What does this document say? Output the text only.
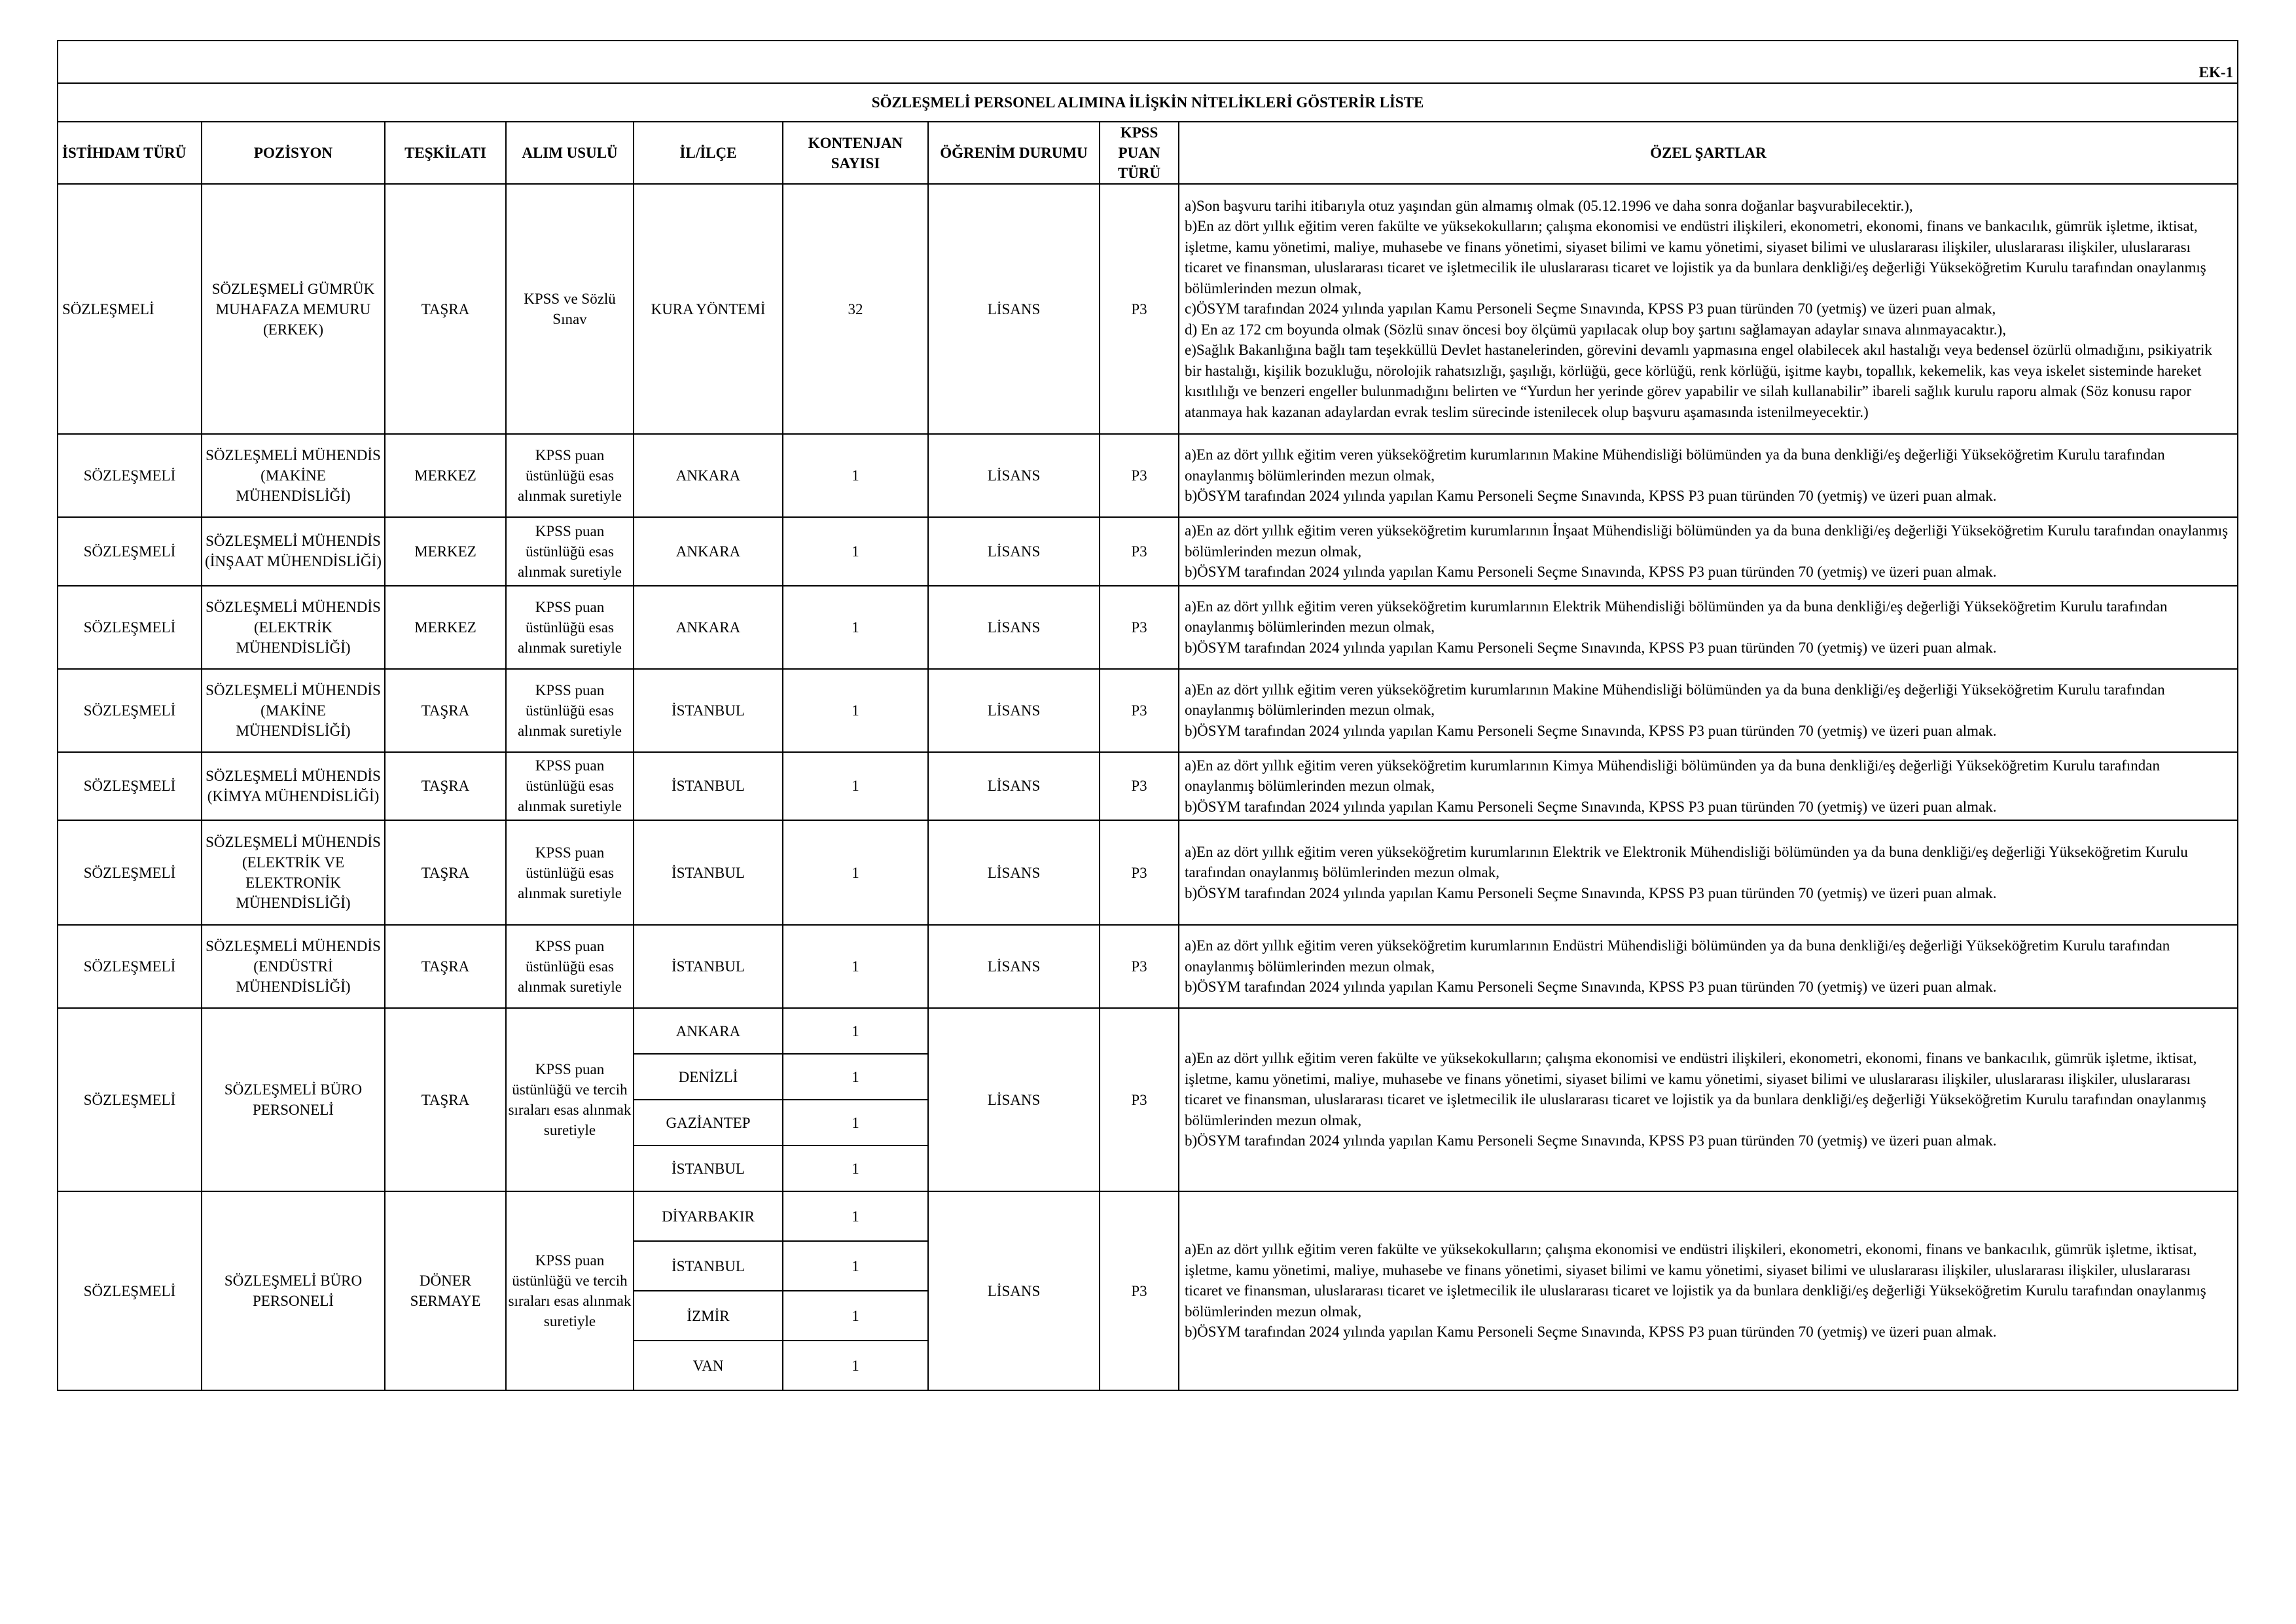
EK-1								
SÖZLEŞMELİ PERSONEL ALIMINA İLİŞKİN NİTELİKLERİ GÖSTERİR LİSTE								
İSTİHDAM TÜRÜ	POZİSYON	TEŞKİLATI	ALIM USULÜ	İL/İLÇE	KONTENJAN SAYISI	ÖĞRENİM DURUMU	KPSS PUAN TÜRÜ	ÖZEL ŞARTLAR
SÖZLEŞMELİ	SÖZLEŞMELİ GÜMRÜK MUHAFAZA MEMURU (ERKEK)	TAŞRA	KPSS ve Sözlü Sınav	KURA YÖNTEMİ	32	LİSANS	P3	a)Son başvuru tarihi itibarıyla otuz yaşından gün almamış olmak (05.12.1996 ve daha sonra doğanlar başvurabilecektir.),
b)En az dört yıllık eğitim veren fakülte ve yüksekokulların; çalışma ekonomisi ve endüstri ilişkileri, ekonometri, ekonomi, finans ve bankacılık, gümrük işletme, iktisat, işletme, kamu yönetimi, maliye, muhasebe ve finans yönetimi, siyaset bilimi ve kamu yönetimi, siyaset bilimi ve uluslararası ilişkiler, uluslararası ilişkiler, uluslararası ticaret ve finansman, uluslararası ticaret ve işletmecilik ile uluslararası ticaret ve lojistik ya da bunlara denkliği/eş değerliği Yükseköğretim Kurulu tarafından onaylanmış bölümlerinden mezun olmak,
c)ÖSYM tarafından 2024 yılında yapılan Kamu Personeli Seçme Sınavında, KPSS P3 puan türünden 70 (yetmiş) ve üzeri puan almak,
d) En az 172 cm boyunda olmak (Sözlü sınav öncesi boy ölçümü yapılacak olup boy şartını sağlamayan adaylar sınava alınmayacaktır.),
e)Sağlık Bakanlığına bağlı tam teşekküllü Devlet hastanelerinden, görevini devamlı yapmasına engel olabilecek akıl hastalığı veya bedensel özürlü olmadığını, psikiyatrik bir hastalığı, kişilik bozukluğu, nörolojik rahatsızlığı, şaşılığı, körlüğü, gece körlüğü, renk körlüğü, işitme kaybı, topallık, kekemelik, kas veya iskelet sisteminde hareket kısıtlılığı ve benzeri engeller bulunmadığını belirten ve “Yurdun her yerinde görev yapabilir ve silah kullanabilir” ibareli sağlık kurulu raporu almak (Söz konusu rapor atanmaya hak kazanan adaylardan evrak teslim sürecinde istenilecek olup başvuru aşamasında istenilmeyecektir.)

SÖZLEŞMELİ	SÖZLEŞMELİ MÜHENDİS (MAKİNE MÜHENDİSLİĞİ)	MERKEZ	KPSS puan üstünlüğü esas alınmak suretiyle	ANKARA	1	LİSANS	P3	a)En az dört yıllık eğitim veren yükseköğretim kurumlarının Makine Mühendisliği bölümünden ya da buna denkliği/eş değerliği Yükseköğretim Kurulu tarafından onaylanmış bölümlerinden mezun olmak,
b)ÖSYM tarafından 2024 yılında yapılan Kamu Personeli Seçme Sınavında, KPSS P3 puan türünden 70 (yetmiş) ve üzeri puan almak.

SÖZLEŞMELİ	SÖZLEŞMELİ MÜHENDİS (İNŞAAT MÜHENDİSLİĞİ)	MERKEZ	KPSS puan üstünlüğü esas alınmak suretiyle	ANKARA	1	LİSANS	P3	a)En az dört yıllık eğitim veren yükseköğretim kurumlarının İnşaat Mühendisliği bölümünden ya da buna denkliği/eş değerliği Yükseköğretim Kurulu tarafından onaylanmış bölümlerinden mezun olmak,
b)ÖSYM tarafından 2024 yılında yapılan Kamu Personeli Seçme Sınavında, KPSS P3 puan türünden 70 (yetmiş) ve üzeri puan almak.

SÖZLEŞMELİ	SÖZLEŞMELİ MÜHENDİS (ELEKTRİK MÜHENDİSLİĞİ)	MERKEZ	KPSS puan üstünlüğü esas alınmak suretiyle	ANKARA	1	LİSANS	P3	a)En az dört yıllık eğitim veren yükseköğretim kurumlarının Elektrik Mühendisliği bölümünden ya da buna denkliği/eş değerliği Yükseköğretim Kurulu tarafından onaylanmış bölümlerinden mezun olmak,
b)ÖSYM tarafından 2024 yılında yapılan Kamu Personeli Seçme Sınavında, KPSS P3 puan türünden 70 (yetmiş) ve üzeri puan almak.

SÖZLEŞMELİ	SÖZLEŞMELİ MÜHENDİS (MAKİNE MÜHENDİSLİĞİ)	TAŞRA	KPSS puan üstünlüğü esas alınmak suretiyle	İSTANBUL	1	LİSANS	P3	a)En az dört yıllık eğitim veren yükseköğretim kurumlarının Makine Mühendisliği bölümünden ya da buna denkliği/eş değerliği Yükseköğretim Kurulu tarafından onaylanmış bölümlerinden mezun olmak,
b)ÖSYM tarafından 2024 yılında yapılan Kamu Personeli Seçme Sınavında, KPSS P3 puan türünden 70 (yetmiş) ve üzeri puan almak.

SÖZLEŞMELİ	SÖZLEŞMELİ MÜHENDİS (KİMYA MÜHENDİSLİĞİ)	TAŞRA	KPSS puan üstünlüğü esas alınmak suretiyle	İSTANBUL	1	LİSANS	P3	a)En az dört yıllık eğitim veren yükseköğretim kurumlarının Kimya Mühendisliği bölümünden ya da buna denkliği/eş değerliği Yükseköğretim Kurulu tarafından onaylanmış bölümlerinden mezun olmak,
b)ÖSYM tarafından 2024 yılında yapılan Kamu Personeli Seçme Sınavında, KPSS P3 puan türünden 70 (yetmiş) ve üzeri puan almak.

SÖZLEŞMELİ	SÖZLEŞMELİ MÜHENDİS (ELEKTRİK VE ELEKTRONİK MÜHENDİSLİĞİ)	TAŞRA	KPSS puan üstünlüğü esas alınmak suretiyle	İSTANBUL	1	LİSANS	P3	a)En az dört yıllık eğitim veren yükseköğretim kurumlarının Elektrik ve Elektronik Mühendisliği bölümünden ya da buna denkliği/eş değerliği Yükseköğretim Kurulu tarafından onaylanmış bölümlerinden mezun olmak,
b)ÖSYM tarafından 2024 yılında yapılan Kamu Personeli Seçme Sınavında, KPSS P3 puan türünden 70 (yetmiş) ve üzeri puan almak.

SÖZLEŞMELİ	SÖZLEŞMELİ MÜHENDİS (ENDÜSTRİ MÜHENDİSLİĞİ)	TAŞRA	KPSS puan üstünlüğü esas alınmak suretiyle	İSTANBUL	1	LİSANS	P3	a)En az dört yıllık eğitim veren yükseköğretim kurumlarının Endüstri Mühendisliği bölümünden ya da buna denkliği/eş değerliği Yükseköğretim Kurulu tarafından onaylanmış bölümlerinden mezun olmak,
b)ÖSYM tarafından 2024 yılında yapılan Kamu Personeli Seçme Sınavında, KPSS P3 puan türünden 70 (yetmiş) ve üzeri puan almak.

SÖZLEŞMELİ	SÖZLEŞMELİ BÜRO PERSONELİ	TAŞRA	KPSS puan üstünlüğü ve tercih sıraları esas alınmak suretiyle	ANKARA	1	LİSANS	P3	a)En az dört yıllık eğitim veren fakülte ve yüksekokulların; çalışma ekonomisi ve endüstri ilişkileri, ekonometri, ekonomi, finans ve bankacılık, gümrük işletme, iktisat, işletme, kamu yönetimi, maliye, muhasebe ve finans yönetimi, siyaset bilimi ve kamu yönetimi, siyaset bilimi ve uluslararası ilişkiler, uluslararası ilişkiler, uluslararası ticaret ve finansman, uluslararası ticaret ve işletmecilik ile uluslararası ticaret ve lojistik ya da bunlara denkliği/eş değerliği Yükseköğretim Kurulu tarafından onaylanmış bölümlerinden mezun olmak,
b)ÖSYM tarafından 2024 yılında yapılan Kamu Personeli Seçme Sınavında, KPSS P3 puan türünden 70 (yetmiş) ve üzeri puan almak.

				DENİZLİ	1			
				GAZİANTEP	1			
				İSTANBUL	1			
SÖZLEŞMELİ	SÖZLEŞMELİ BÜRO PERSONELİ	DÖNER SERMAYE	KPSS puan üstünlüğü ve tercih sıraları esas alınmak suretiyle	DİYARBAKIR	1	LİSANS	P3	a)En az dört yıllık eğitim veren fakülte ve yüksekokulların; çalışma ekonomisi ve endüstri ilişkileri, ekonometri, ekonomi, finans ve bankacılık, gümrük işletme, iktisat, işletme, kamu yönetimi, maliye, muhasebe ve finans yönetimi, siyaset bilimi ve kamu yönetimi, siyaset bilimi ve uluslararası ilişkiler, uluslararası ilişkiler, uluslararası ticaret ve finansman, uluslararası ticaret ve işletmecilik ile uluslararası ticaret ve lojistik ya da bunlara denkliği/eş değerliği Yükseköğretim Kurulu tarafından onaylanmış bölümlerinden mezun olmak,
b)ÖSYM tarafından 2024 yılında yapılan Kamu Personeli Seçme Sınavında, KPSS P3 puan türünden 70 (yetmiş) ve üzeri puan almak.

				İSTANBUL	1			
				İZMİR	1			
				VAN	1			
